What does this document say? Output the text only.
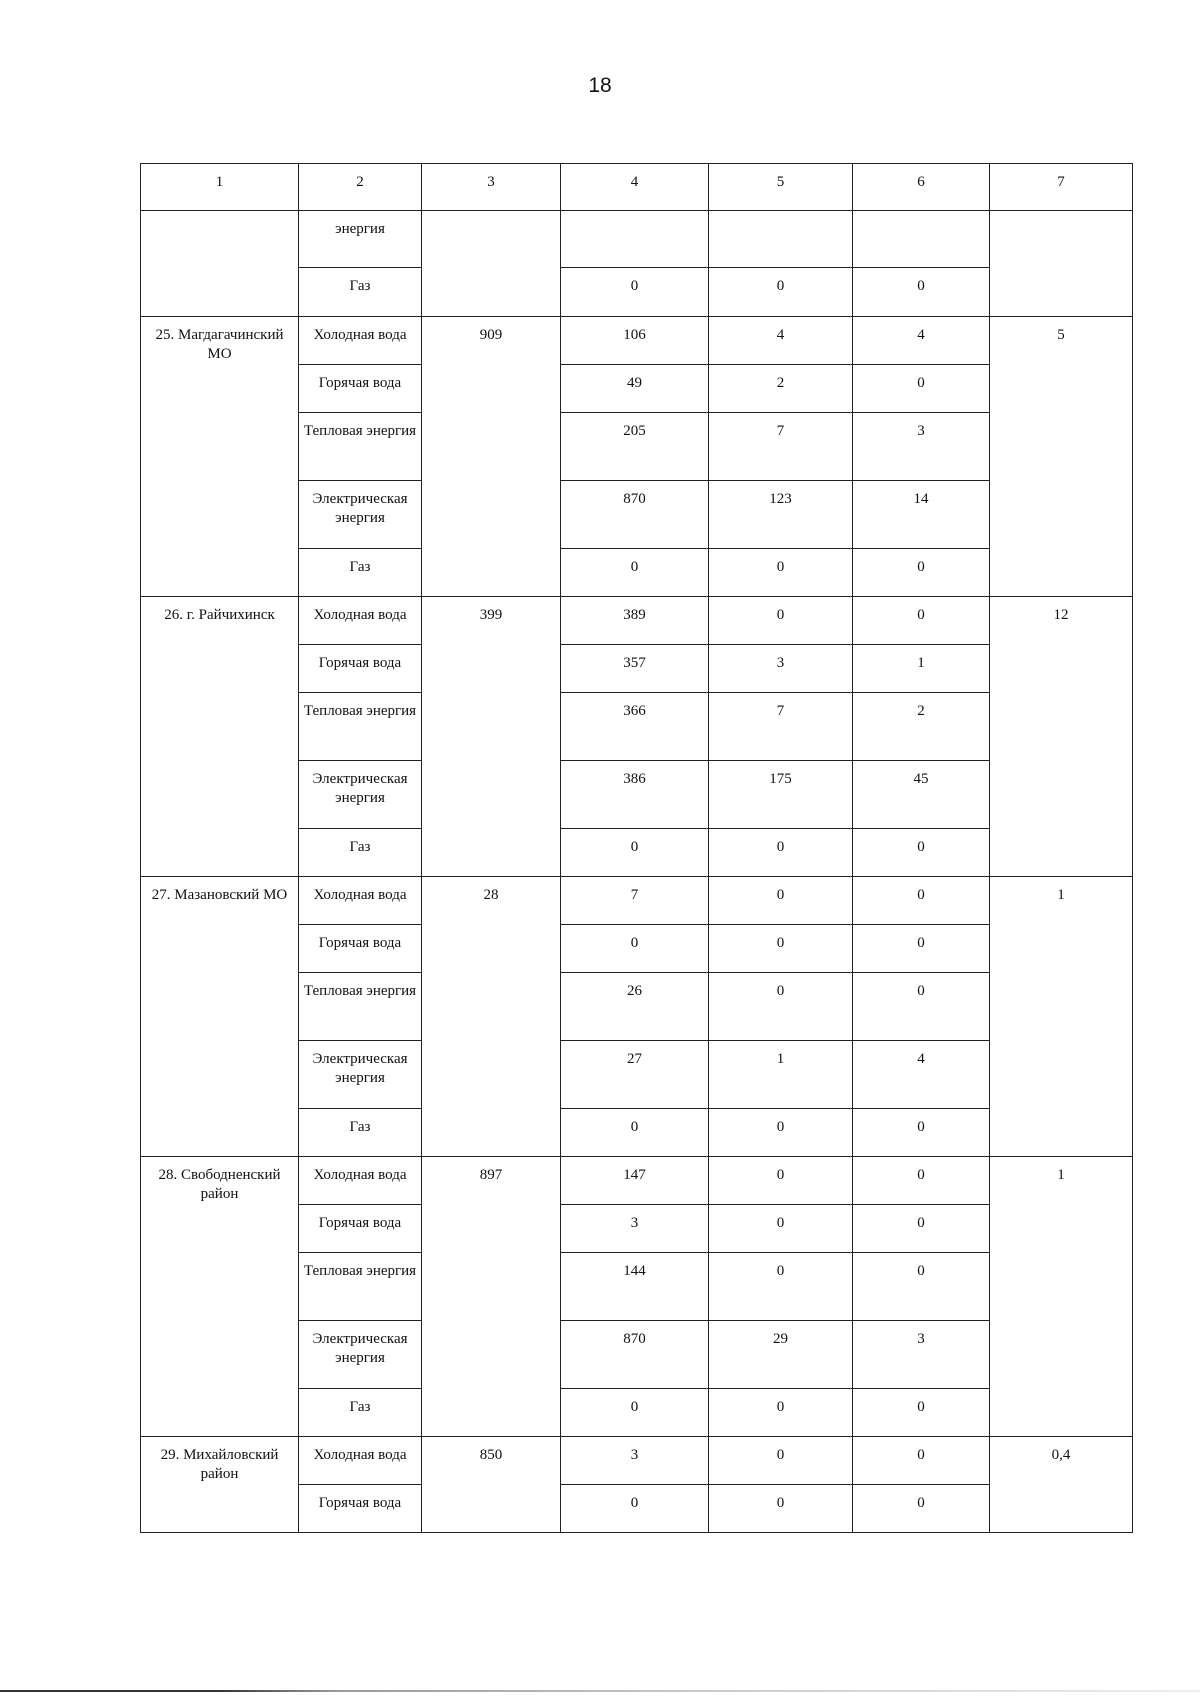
18
1	2	3	4	5	6	7
	энергия					
	Газ		0	0	0	
25. Магдагачинский МО	Холодная вода	909	106	4	4	5
	Горячая вода		49	2	0	
	Тепловая энергия		205	7	3	
	Электрическая энергия		870	123	14	
	Газ		0	0	0	
26. г. Райчихинск	Холодная вода	399	389	0	0	12
	Горячая вода		357	3	1	
	Тепловая энергия		366	7	2	
	Электрическая энергия		386	175	45	
	Газ		0	0	0	
27. Мазановский МО	Холодная вода	28	7	0	0	1
	Горячая вода		0	0	0	
	Тепловая энергия		26	0	0	
	Электрическая энергия		27	1	4	
	Газ		0	0	0	
28. Свободненский район	Холодная вода	897	147	0	0	1
	Горячая вода		3	0	0	
	Тепловая энергия		144	0	0	
	Электрическая энергия		870	29	3	
	Газ		0	0	0	
29. Михайловский район	Холодная вода	850	3	0	0	0,4
	Горячая вода		0	0	0	
